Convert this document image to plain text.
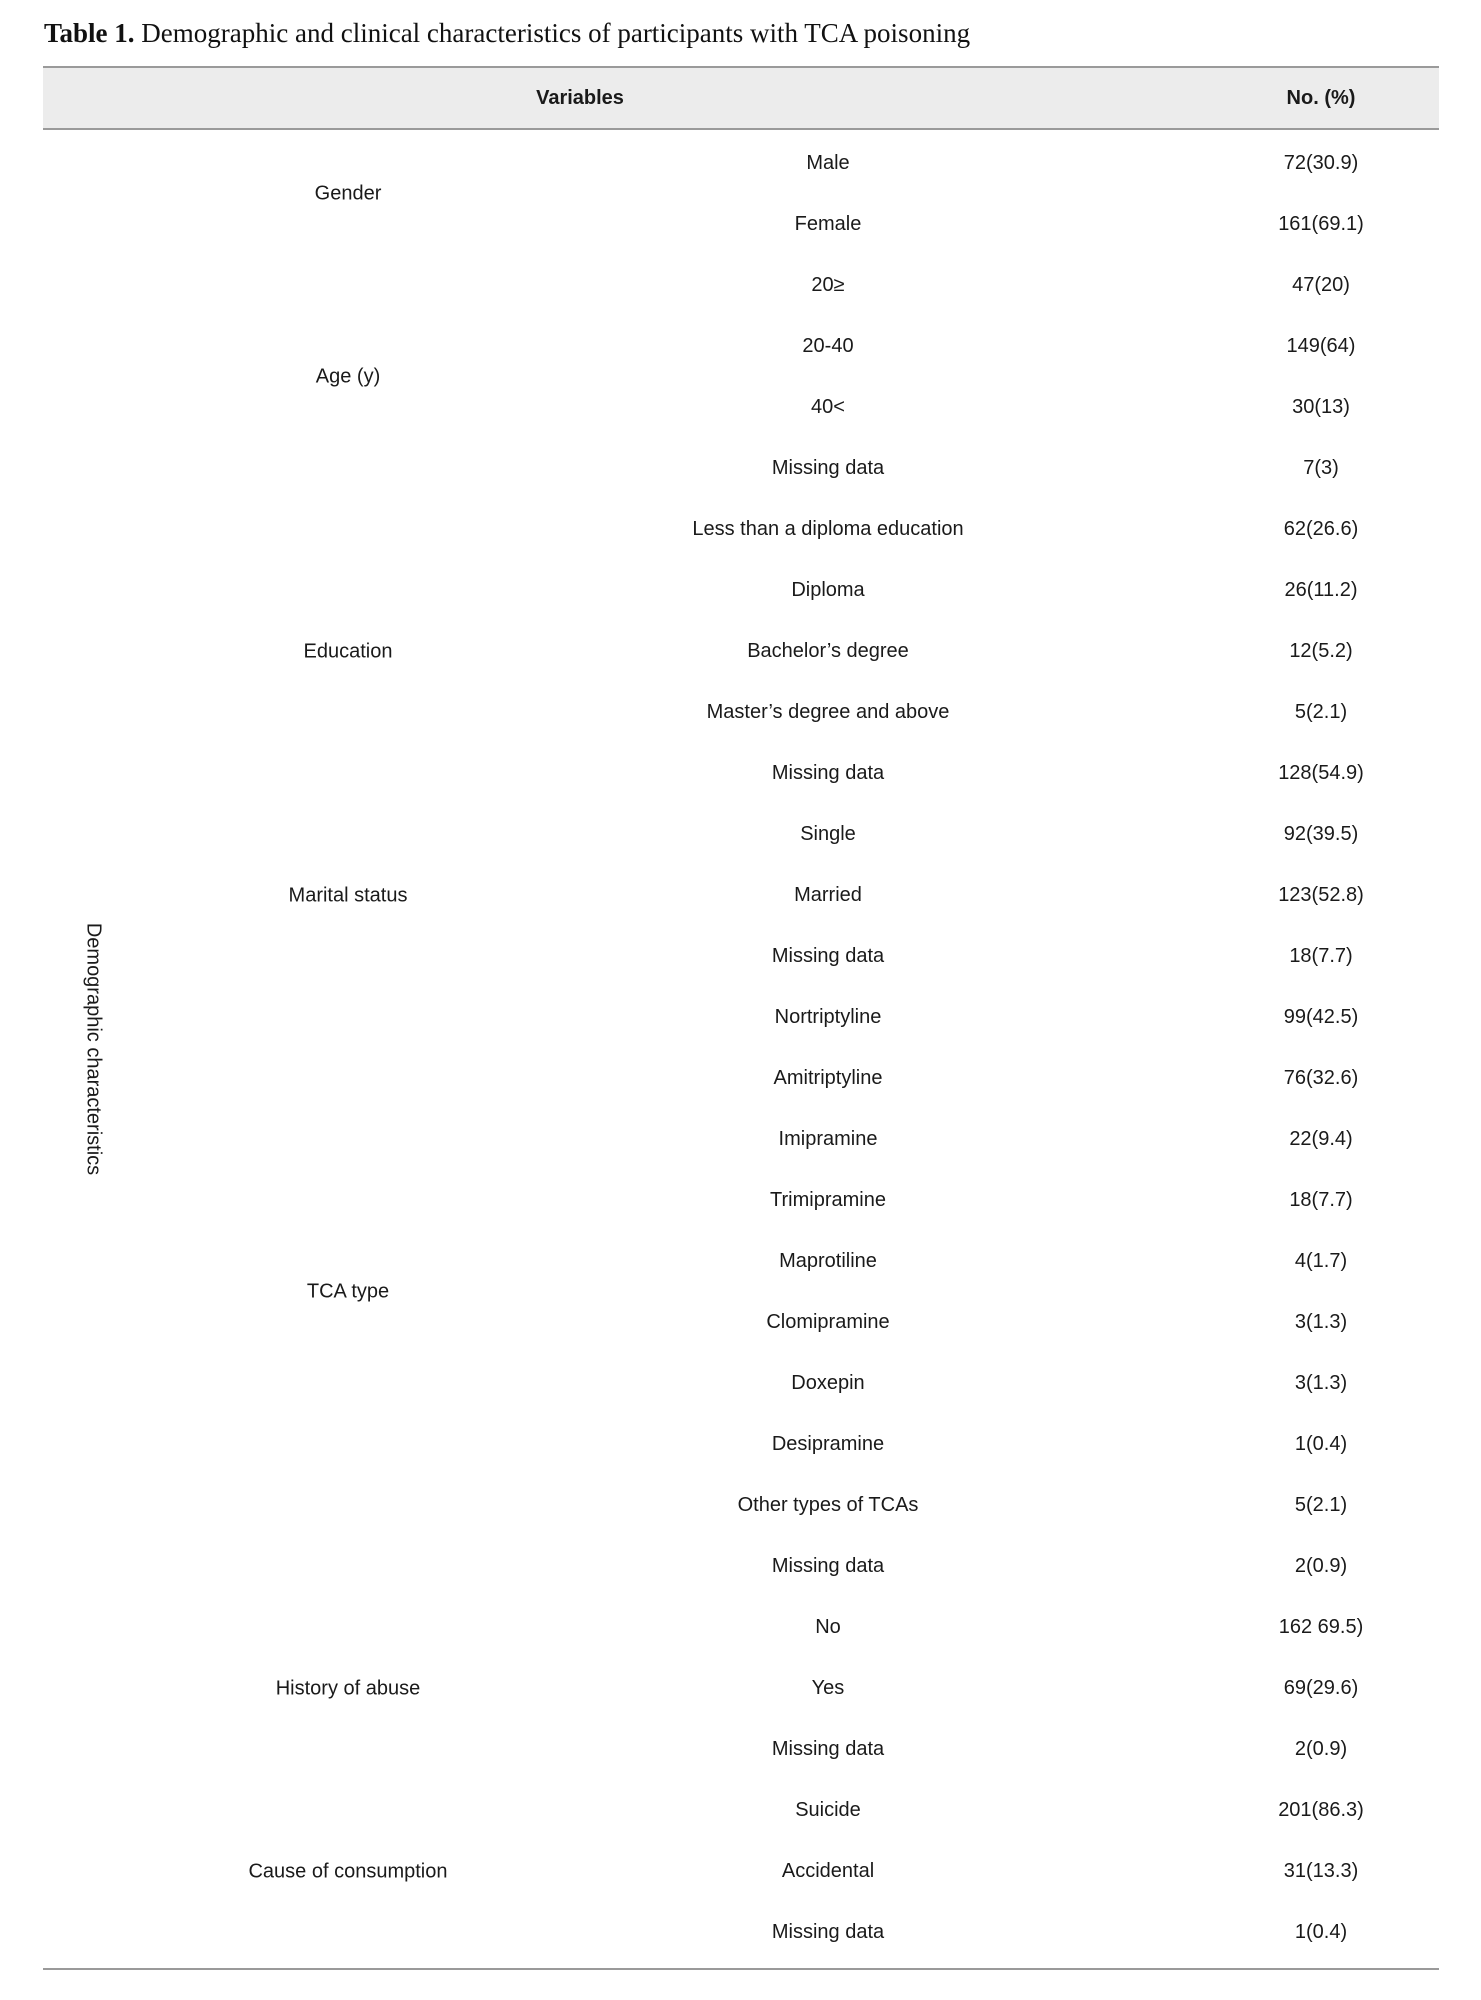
Table 1. Demographic and clinical characteristics of participants with TCA poisoning
Variables	No. (%)
Demographic characteristics
Gender
Male	72(30.9)
Female	161(69.1)
Age (y)
20≥	47(20)
20-40	149(64)
40<	30(13)
Missing data	7(3)
Education
Less than a diploma education	62(26.6)
Diploma	26(11.2)
Bachelor’s degree	12(5.2)
Master’s degree and above	5(2.1)
Missing data	128(54.9)
Marital status
Single	92(39.5)
Married	123(52.8)
Missing data	18(7.7)
TCA type
Nortriptyline	99(42.5)
Amitriptyline	76(32.6)
Imipramine	22(9.4)
Trimipramine	18(7.7)
Maprotiline	4(1.7)
Clomipramine	3(1.3)
Doxepin	3(1.3)
Desipramine	1(0.4)
Other types of TCAs	5(2.1)
Missing data	2(0.9)
History of abuse
No	162 69.5)
Yes	69(29.6)
Missing data	2(0.9)
Cause of consumption
Suicide	201(86.3)
Accidental	31(13.3)
Missing data	1(0.4)
